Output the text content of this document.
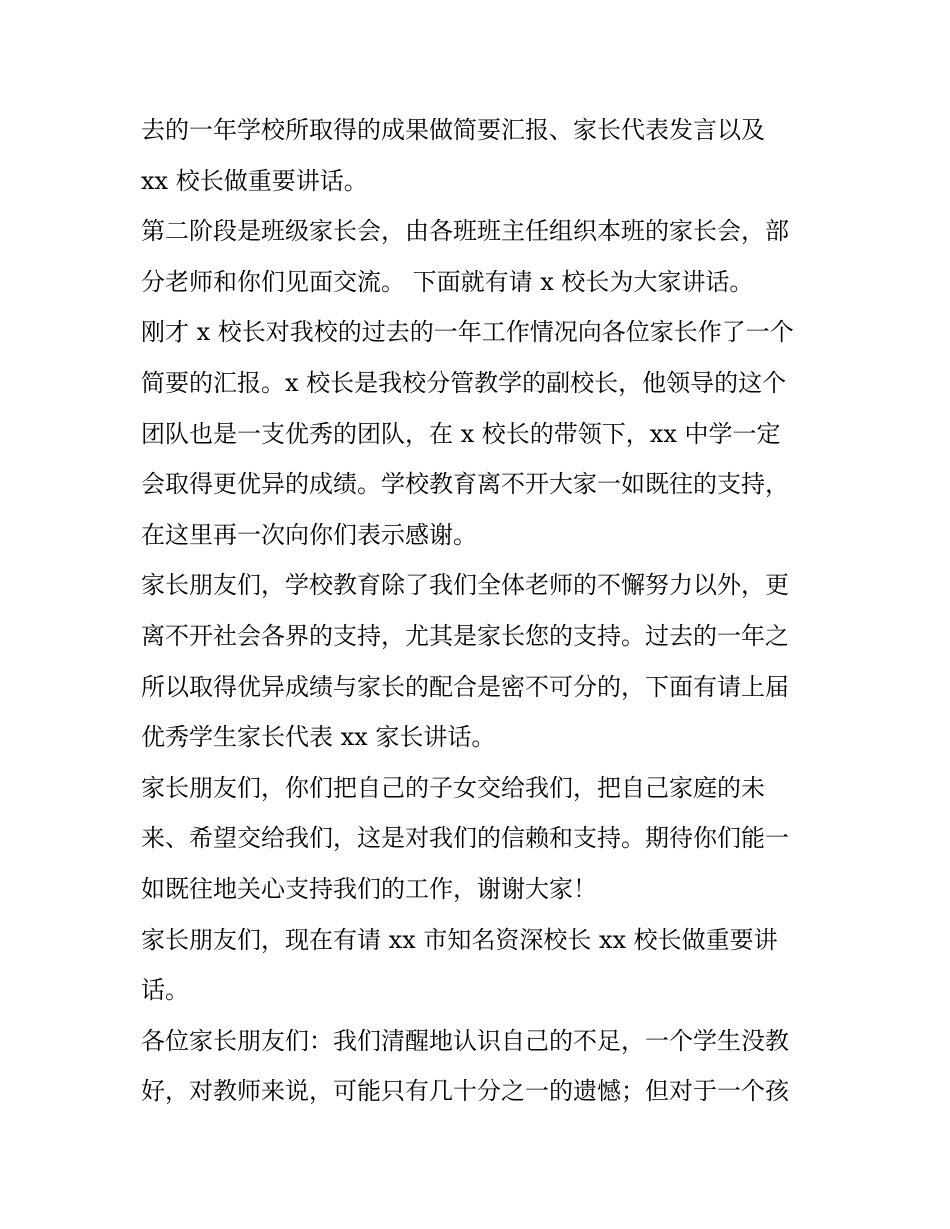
去的一年学校所取得的成果做简要汇报、家长代表发言以及
xx 校长做重要讲话。
第二阶段是班级家长会，由各班班主任组织本班的家长会，部
分老师和你们见面交流。 下面就有请 x 校长为大家讲话。
刚才 x 校长对我校的过去的一年工作情况向各位家长作了一个
简要的汇报。x 校长是我校分管教学的副校长，他领导的这个
团队也是一支优秀的团队，在 x 校长的带领下，xx 中学一定
会取得更优异的成绩。学校教育离不开大家一如既往的支持，
在这里再一次向你们表示感谢。
家长朋友们，学校教育除了我们全体老师的不懈努力以外，更
离不开社会各界的支持，尤其是家长您的支持。过去的一年之
所以取得优异成绩与家长的配合是密不可分的，下面有请上届
优秀学生家长代表 xx 家长讲话。
家长朋友们，你们把自己的子女交给我们，把自己家庭的未
来、希望交给我们，这是对我们的信赖和支持。期待你们能一
如既往地关心支持我们的工作，谢谢大家！
家长朋友们，现在有请 xx 市知名资深校长 xx 校长做重要讲
话。
各位家长朋友们：我们清醒地认识自己的不足，一个学生没教
好，对教师来说，可能只有几十分之一的遗憾；但对于一个孩
